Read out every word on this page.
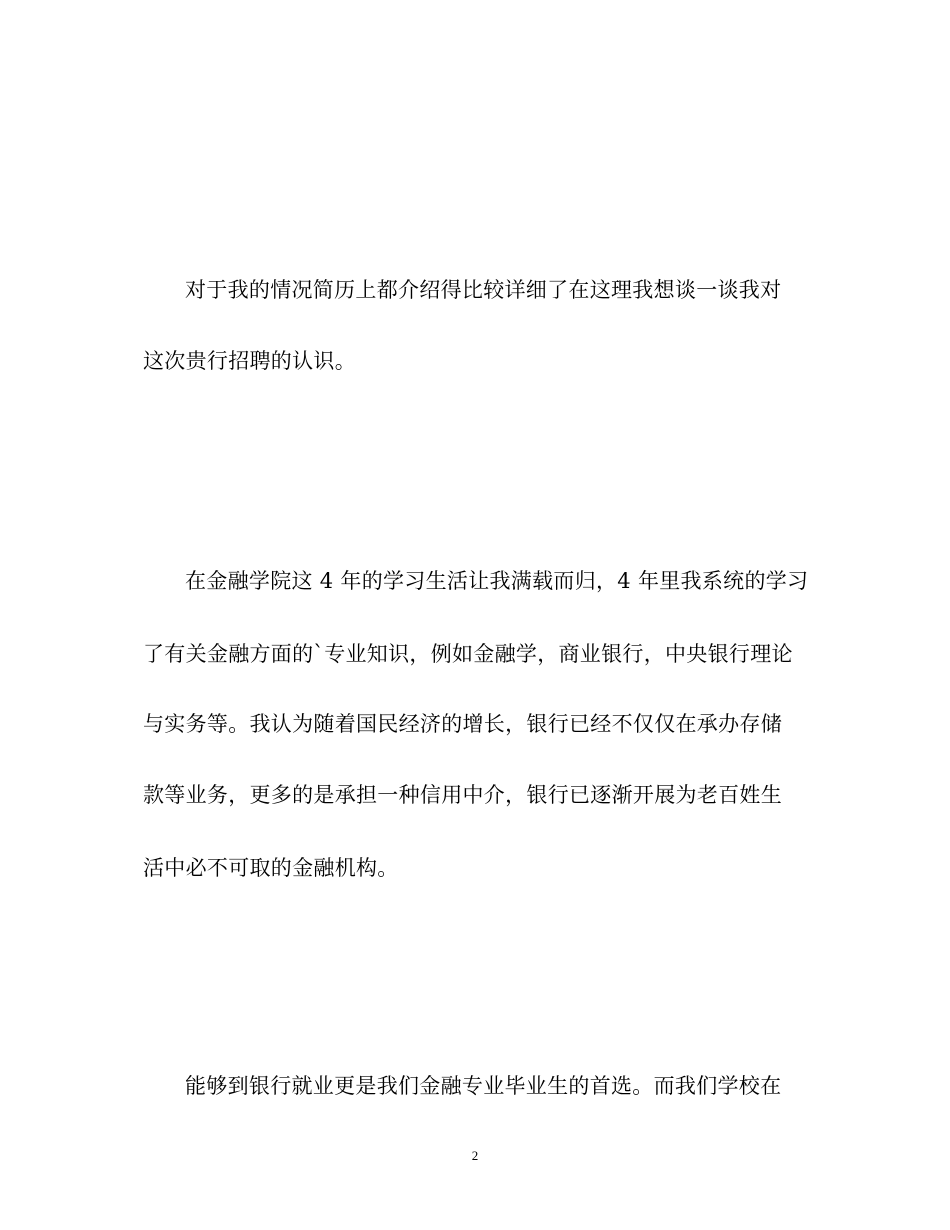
对于我的情况简历上都介绍得比较详细了在这理我想谈一谈我对
这次贵行招聘的认识。
在金融学院这 4 年的学习生活让我满载而归，4 年里我系统的学习
了有关金融方面的`专业知识，例如金融学，商业银行，中央银行理论
与实务等。我认为随着国民经济的增长，银行已经不仅仅在承办存储
款等业务，更多的是承担一种信用中介，银行已逐渐开展为老百姓生
活中必不可取的金融机构。
能够到银行就业更是我们金融专业毕业生的首选。而我们学校在
2
